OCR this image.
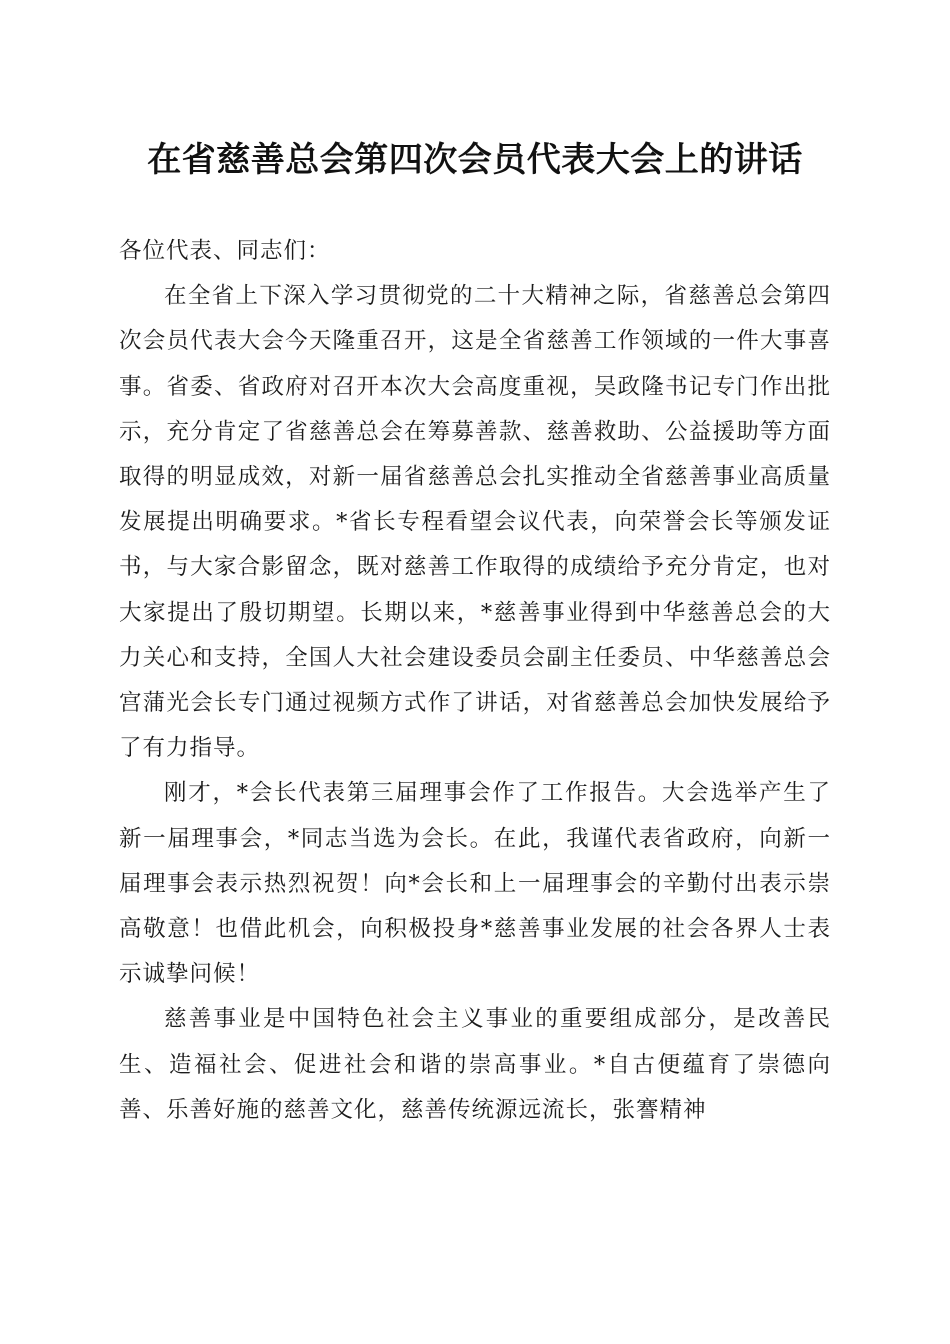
在省慈善总会第四次会员代表大会上的讲话

各位代表、同志们：

在全省上下深入学习贯彻党的二十大精神之际，省慈善总会第四次会员代表大会今天隆重召开，这是全省慈善工作领域的一件大事喜事。省委、省政府对召开本次大会高度重视，吴政隆书记专门作出批示，充分肯定了省慈善总会在筹募善款、慈善救助、公益援助等方面取得的明显成效，对新一届省慈善总会扎实推动全省慈善事业高质量发展提出明确要求。*省长专程看望会议代表，向荣誉会长等颁发证书，与大家合影留念，既对慈善工作取得的成绩给予充分肯定，也对大家提出了殷切期望。长期以来，*慈善事业得到中华慈善总会的大力关心和支持，全国人大社会建设委员会副主任委员、中华慈善总会宫蒲光会长专门通过视频方式作了讲话，对省慈善总会加快发展给予了有力指导。

刚才，*会长代表第三届理事会作了工作报告。大会选举产生了新一届理事会，*同志当选为会长。在此，我谨代表省政府，向新一届理事会表示热烈祝贺！向*会长和上一届理事会的辛勤付出表示崇高敬意！也借此机会，向积极投身*慈善事业发展的社会各界人士表示诚挚问候！

慈善事业是中国特色社会主义事业的重要组成部分，是改善民生、造福社会、促进社会和谐的崇高事业。*自古便蕴育了崇德向善、乐善好施的慈善文化，慈善传统源远流长，张謇精神
